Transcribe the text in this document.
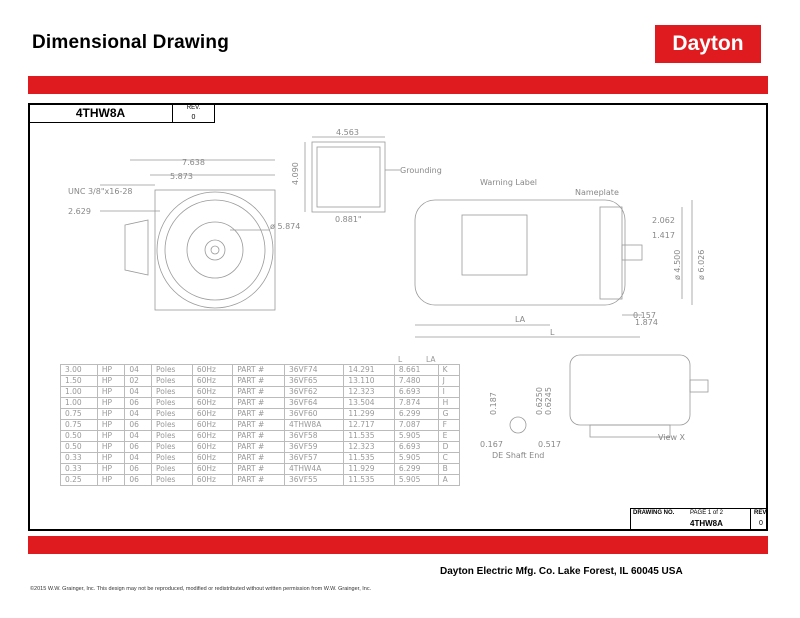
Dimensional Drawing	Dayton
4THW8A	REV.
0
7.638
5.873
UNC 3/8"x16-28
2.629
ø 5.874
4.563
4.090
0.881"
Grounding
Warning Label
Nameplate
2.062
1.417
ø 4.500 ø 6.026
0.157
1.874
LA
L
0.187	0.6250 0.6245
0.167	0.517
DE Shaft End
View X
L	LA
3.00	HP	04	Poles	60Hz	PART #	36VF74	14.291	8.661	K
1.50	HP	02	Poles	60Hz	PART #	36VF65	13.110	7.480	J
1.00	HP	04	Poles	60Hz	PART #	36VF62	12.323	6.693	I
1.00	HP	06	Poles	60Hz	PART #	36VF64	13.504	7.874	H
0.75	HP	04	Poles	60Hz	PART #	36VF60	11.299	6.299	G
0.75	HP	06	Poles	60Hz	PART #	4THW8A	12.717	7.087	F
0.50	HP	04	Poles	60Hz	PART #	36VF58	11.535	5.905	E
0.50	HP	06	Poles	60Hz	PART #	36VF59	12.323	6.693	D
0.33	HP	04	Poles	60Hz	PART #	36VF57	11.535	5.905	C
0.33	HP	06	Poles	60Hz	PART #	4THW4A	11.929	6.299	B
0.25	HP	06	Poles	60Hz	PART #	36VF55	11.535	5.905	A
DRAWING NO.	PAGE 1 of 2	REV.
4THW8A	0
Dayton Electric Mfg. Co. Lake Forest, IL 60045 USA
©2015 W.W. Grainger, Inc. This design may not be reproduced, modified or redistributed without written permission from W.W. Grainger, Inc.
